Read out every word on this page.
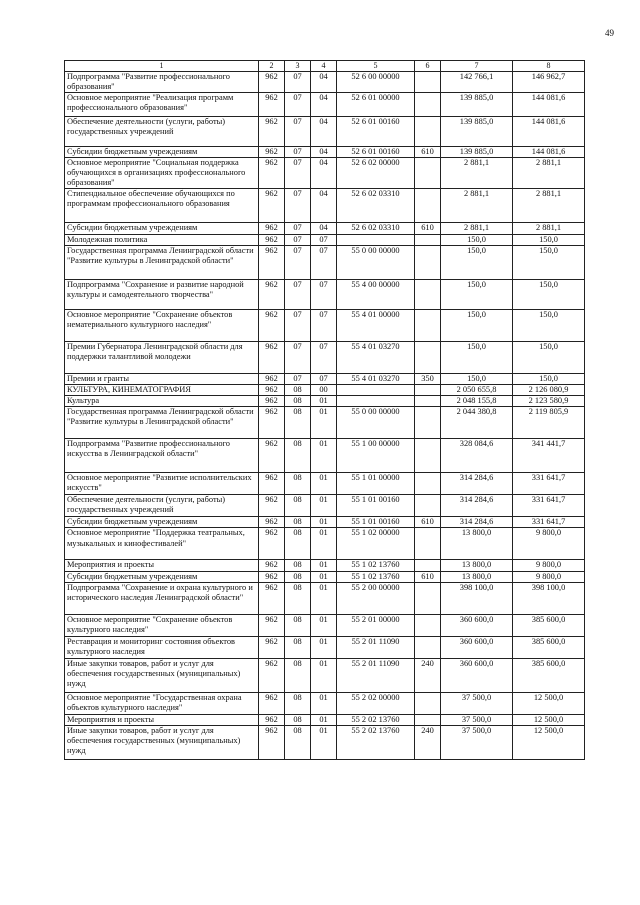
49
1	2	3	4	5	6	7	8
Подпрограмма "Развитие профессионального образования"	962	07	04	52 6 00 00000		142 766,1	146 962,7
Основное мероприятие "Реализация программ профессионального образования"	962	07	04	52 6 01 00000		139 885,0	144 081,6
Обеспечение деятельности (услуги, работы) государственных учреждений	962	07	04	52 6 01 00160		139 885,0	144 081,6
Субсидии бюджетным учреждениям	962	07	04	52 6 01 00160	610	139 885,0	144 081,6
Основное мероприятие "Социальная поддержка обучающихся в организациях профессионального образования"	962	07	04	52 6 02 00000		2 881,1	2 881,1
Стипендиальное обеспечение обучающихся по программам профессионального образования	962	07	04	52 6 02 03310		2 881,1	2 881,1
Субсидии бюджетным учреждениям	962	07	04	52 6 02 03310	610	2 881,1	2 881,1
Молодежная политика	962	07	07			150,0	150,0
Государственная программа Ленинградской области "Развитие культуры в Ленинградской области"	962	07	07	55 0 00 00000		150,0	150,0
Подпрограмма "Сохранение и развитие народной культуры и самодеятельного творчества"	962	07	07	55 4 00 00000		150,0	150,0
Основное мероприятие "Сохранение объектов нематериального культурного наследия"	962	07	07	55 4 01 00000		150,0	150,0
Премии Губернатора Ленинградской области для поддержки талантливой молодежи	962	07	07	55 4 01 03270		150,0	150,0
Премии и гранты	962	07	07	55 4 01 03270	350	150,0	150,0
КУЛЬТУРА, КИНЕМАТОГРАФИЯ	962	08	00			2 050 655,8	2 126 080,9
Культура	962	08	01			2 048 155,8	2 123 580,9
Государственная программа Ленинградской области "Развитие культуры в Ленинградской области"	962	08	01	55 0 00 00000		2 044 380,8	2 119 805,9
Подпрограмма "Развитие профессионального искусства в Ленинградской области"	962	08	01	55 1 00 00000		328 084,6	341 441,7
Основное мероприятие "Развитие исполнительских искусств"	962	08	01	55 1 01 00000		314 284,6	331 641,7
Обеспечение деятельности (услуги, работы) государственных учреждений	962	08	01	55 1 01 00160		314 284,6	331 641,7
Субсидии бюджетным учреждениям	962	08	01	55 1 01 00160	610	314 284,6	331 641,7
Основное мероприятие "Поддержка театральных, музыкальных и кинофестивалей"	962	08	01	55 1 02 00000		13 800,0	9 800,0
Мероприятия и проекты	962	08	01	55 1 02 13760		13 800,0	9 800,0
Субсидии бюджетным учреждениям	962	08	01	55 1 02 13760	610	13 800,0	9 800,0
Подпрограмма "Сохранение и охрана культурного и исторического наследия Ленинградской области"	962	08	01	55 2 00 00000		398 100,0	398 100,0
Основное мероприятие "Сохранение объектов культурного наследия"	962	08	01	55 2 01 00000		360 600,0	385 600,0
Реставрация и мониторинг состояния объектов культурного наследия	962	08	01	55 2 01 11090		360 600,0	385 600,0
Иные закупки товаров, работ и услуг для обеспечения государственных (муниципальных) нужд	962	08	01	55 2 01 11090	240	360 600,0	385 600,0
Основное мероприятие "Государственная охрана объектов культурного наследия"	962	08	01	55 2 02 00000		37 500,0	12 500,0
Мероприятия и проекты	962	08	01	55 2 02 13760		37 500,0	12 500,0
Иные закупки товаров, работ и услуг для обеспечения государственных (муниципальных) нужд	962	08	01	55 2 02 13760	240	37 500,0	12 500,0
